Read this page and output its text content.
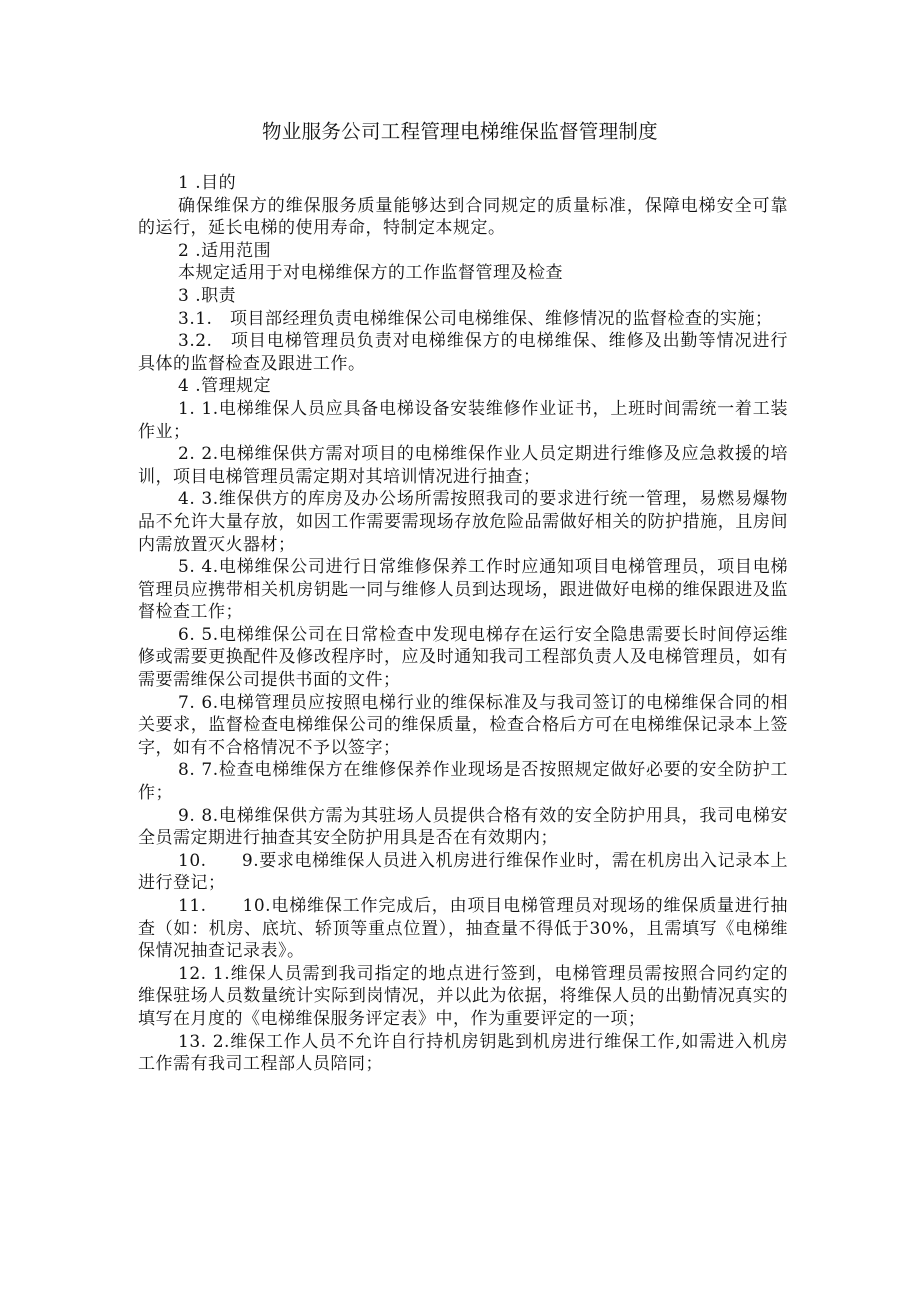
物业服务公司工程管理电梯维保监督管理制度

1 .目的

确保维保方的维保服务质量能够达到合同规定的质量标准，保障电梯安全可靠的运行，延长电梯的使用寿命，特制定本规定。

2 .适用范围

本规定适用于对电梯维保方的工作监督管理及检查

3 .职责

3.1.　项目部经理负责电梯维保公司电梯维保、维修情况的监督检查的实施；

3.2.　项目电梯管理员负责对电梯维保方的电梯维保、维修及出勤等情况进行具体的监督检查及跟进工作。

4 .管理规定

1. 1.电梯维保人员应具备电梯设备安装维修作业证书，上班时间需统一着工装作业；

2. 2.电梯维保供方需对项目的电梯维保作业人员定期进行维修及应急救援的培训，项目电梯管理员需定期对其培训情况进行抽查；

4. 3.维保供方的库房及办公场所需按照我司的要求进行统一管理，易燃易爆物品不允许大量存放，如因工作需要需现场存放危险品需做好相关的防护措施，且房间内需放置灭火器材；

5. 4.电梯维保公司进行日常维修保养工作时应通知项目电梯管理员，项目电梯管理员应携带相关机房钥匙一同与维修人员到达现场，跟进做好电梯的维保跟进及监督检查工作；

6. 5.电梯维保公司在日常检查中发现电梯存在运行安全隐患需要长时间停运维修或需要更换配件及修改程序时，应及时通知我司工程部负责人及电梯管理员，如有需要需维保公司提供书面的文件；

7. 6.电梯管理员应按照电梯行业的维保标准及与我司签订的电梯维保合同的相关要求，监督检查电梯维保公司的维保质量，检查合格后方可在电梯维保记录本上签字，如有不合格情况不予以签字；

8. 7.检查电梯维保方在维修保养作业现场是否按照规定做好必要的安全防护工作；

9. 8.电梯维保供方需为其驻场人员提供合格有效的安全防护用具，我司电梯安全员需定期进行抽查其安全防护用具是否在有效期内；

10.　　9.要求电梯维保人员进入机房进行维保作业时，需在机房出入记录本上进行登记；

11.　　10.电梯维保工作完成后，由项目电梯管理员对现场的维保质量进行抽查（如：机房、底坑、轿顶等重点位置），抽查量不得低于30%，且需填写《电梯维保情况抽查记录表》。

12. 1.维保人员需到我司指定的地点进行签到，电梯管理员需按照合同约定的维保驻场人员数量统计实际到岗情况，并以此为依据，将维保人员的出勤情况真实的填写在月度的《电梯维保服务评定表》中，作为重要评定的一项；

13. 2.维保工作人员不允许自行持机房钥匙到机房进行维保工作,如需进入机房工作需有我司工程部人员陪同；
